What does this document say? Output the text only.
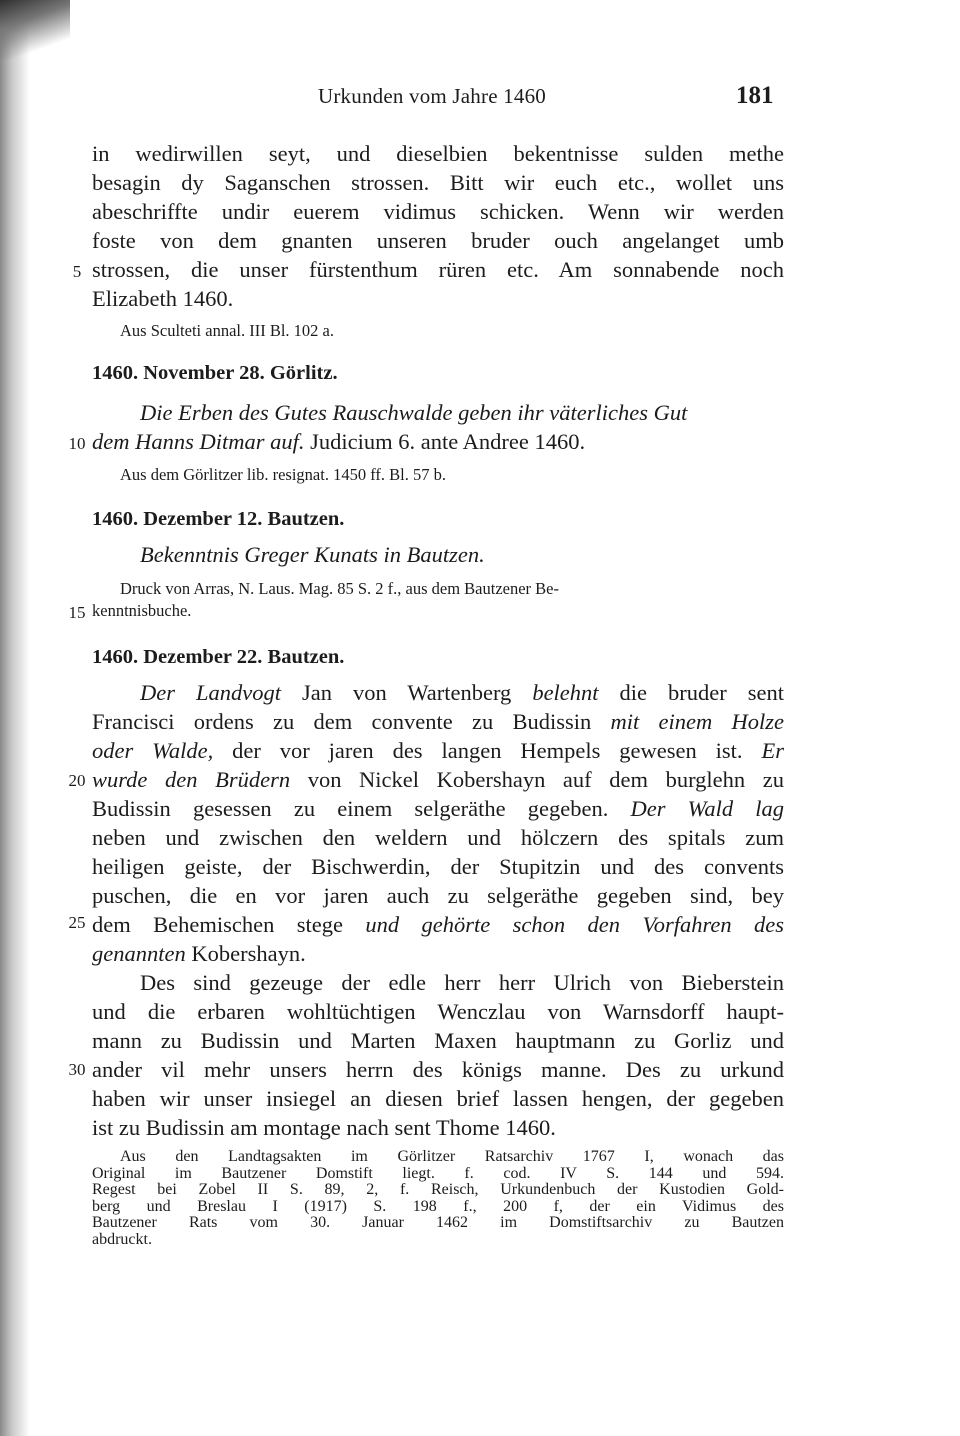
Urkunden vom Jahre 1460	181
5
10
15
20
25
30
in wedirwillen seyt, und dieselbien bekentnisse sulden methe
besagin dy Saganschen strossen. Bitt wir euch etc., wollet uns
abeschriffte undir euerem vidimus schicken. Wenn wir werden
foste von dem gnanten unseren bruder ouch angelanget umb
strossen, die unser fürstenthum rüren etc. Am sonnabende noch
Elizabeth 1460.
Aus Sculteti annal. III Bl. 102 a.
1460. November 28. Görlitz.
Die Erben des Gutes Rauschwalde geben ihr väterliches Gut
dem Hanns Ditmar auf. Judicium 6. ante Andree 1460.
Aus dem Görlitzer lib. resignat. 1450 ff. Bl. 57 b.
1460. Dezember 12. Bautzen.
Bekenntnis Greger Kunats in Bautzen.
Druck von Arras, N. Laus. Mag. 85 S. 2 f., aus dem Bautzener Be-
kenntnisbuche.
1460. Dezember 22. Bautzen.
Der Landvogt Jan von Wartenberg belehnt die bruder sent
Francisci ordens zu dem convente zu Budissin mit einem Holze
oder Walde, der vor jaren des langen Hempels gewesen ist. Er
wurde den Brüdern von Nickel Kobershayn auf dem burglehn zu
Budissin gesessen zu einem selgeräthe gegeben. Der Wald lag
neben und zwischen den weldern und hölczern des spitals zum
heiligen geiste, der Bischwerdin, der Stupitzin und des convents
puschen, die en vor jaren auch zu selgeräthe gegeben sind, bey
dem Behemischen stege und gehörte schon den Vorfahren des
genannten Kobershayn.
Des sind gezeuge der edle herr herr Ulrich von Bieberstein
und die erbaren wohltüchtigen Wenczlau von Warnsdorff haupt-
mann zu Budissin und Marten Maxen hauptmann zu Gorliz und
ander vil mehr unsers herrn des königs manne. Des zu urkund
haben wir unser insiegel an diesen brief lassen hengen, der gegeben
ist zu Budissin am montage nach sent Thome 1460.
Aus den Landtagsakten im Görlitzer Ratsarchiv 1767 I, wonach das
Original im Bautzener Domstift liegt. f. cod. IV S. 144 und 594.
Regest bei Zobel II S. 89, 2, f. Reisch, Urkundenbuch der Kustodien Gold-
berg und Breslau I (1917) S. 198 f., 200 f, der ein Vidimus des
Bautzener Rats vom 30. Januar 1462 im Domstiftsarchiv zu Bautzen
abdruckt.
